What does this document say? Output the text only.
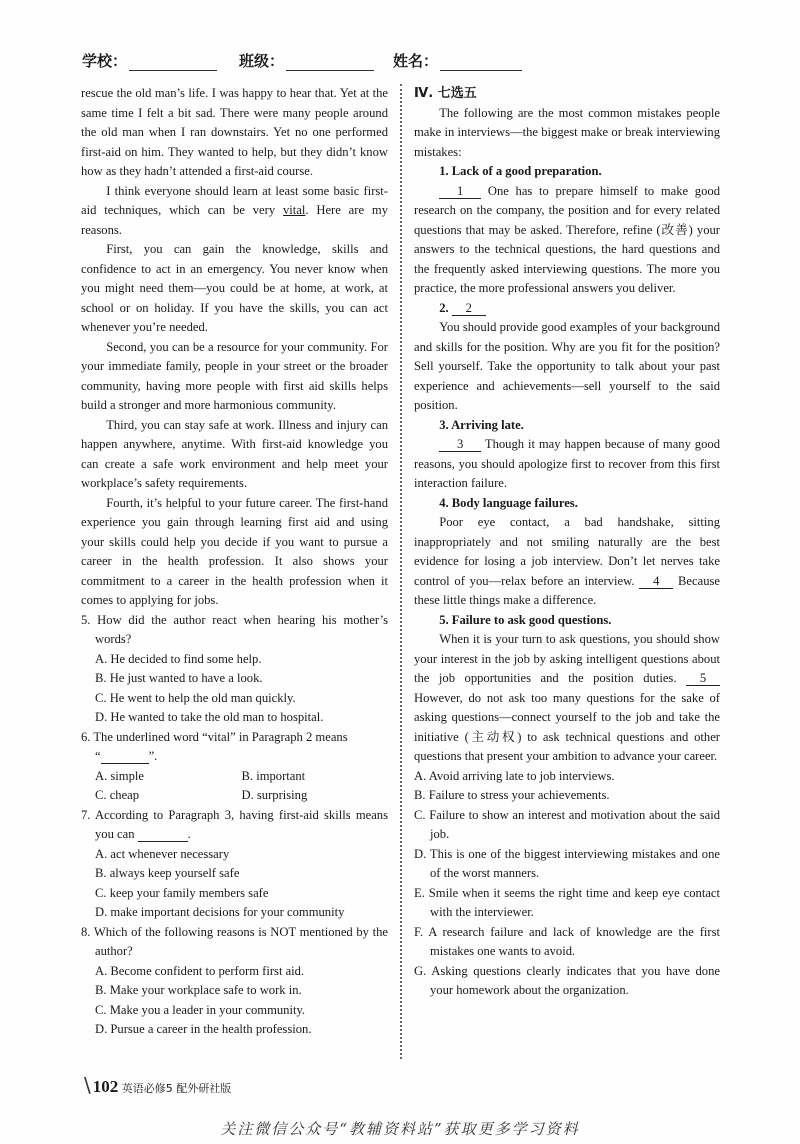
学校：	班级：	姓名：

rescue the old man’s life. I was happy to hear that. Yet at the same time I felt a bit sad. There were many people around the old man when I ran downstairs. Yet no one performed first-aid on him. They wanted to help, but they didn’t know how as they hadn’t attended a first-aid course.

I think everyone should learn at least some basic first-aid techniques, which can be very vital. Here are my reasons.

First, you can gain the knowledge, skills and confidence to act in an emergency. You never know when you might need them—you could be at home, at work, at school or on holiday. If you have the skills, you can act whenever you’re needed.

Second, you can be a resource for your community. For your immediate family, people in your street or the broader community, having more people with first aid skills helps build a stronger and more harmonious community.

Third, you can stay safe at work. Illness and injury can happen anywhere, anytime. With first-aid knowledge you can create a safe work environment and help meet your workplace’s safety requirements.

Fourth, it’s helpful to your future career. The first-hand experience you gain through learning first aid and using your skills could help you decide if you want to pursue a career in the health profession. It also shows your commitment to a career in the health profession when it comes to applying for jobs.

5. How did the author react when hearing his mother’s words?

A. He decided to find some help.

B. He just wanted to have a look.

C. He went to help the old man quickly.

D. He wanted to take the old man to hospital.

6. The underlined word “vital” in Paragraph 2 means
“	”.

A. simple	B. important

C. cheap	D. surprising

7. According to Paragraph 3, having first-aid skills means you can	.

A. act whenever necessary

B. always keep yourself safe

C. keep your family members safe

D. make important decisions for your community

8. Which of the following reasons is NOT mentioned by the author?

A. Become confident to perform first aid.

B. Make your workplace safe to work in.

C. Make you a leader in your community.

D. Pursue a career in the health profession.

Ⅳ. 七选五

The following are the most common mistakes people make in interviews—the biggest make or break interviewing mistakes:

1. Lack of a good preparation.

1 One has to prepare himself to make good research on the company, the position and for every related questions that may be asked. Therefore, refine (改善) your answers to the technical questions, the hard questions and the frequently asked interviewing questions. The more you practice, the more professional answers you deliver.

2. 2

You should provide good examples of your background and skills for the position. Why are you fit for the position? Sell yourself. Take the opportunity to talk about your past experience and achievements—sell yourself to the said position.

3. Arriving late.

3 Though it may happen because of many good reasons, you should apologize first to recover from this first interaction failure.

4. Body language failures.

Poor eye contact, a bad handshake, sitting inappropriately and not smiling naturally are the best evidence for losing a job interview. Don’t let nerves take control of you—relax before an interview. 4 Because these little things make a difference.

5. Failure to ask good questions.

When it is your turn to ask questions, you should show your interest in the job by asking intelligent questions about the job opportunities and the position duties. 5 However, do not ask too many questions for the sake of asking questions—connect yourself to the job and take the initiative (主动权) to ask technical questions and other questions that present your ambition to advance your career.

A. Avoid arriving late to job interviews.

B. Failure to stress your achievements.

C. Failure to show an interest and motivation about the said job.

D. This is one of the biggest interviewing mistakes and one of the worst manners.

E. Smile when it seems the right time and keep eye contact with the interviewer.

F. A research failure and lack of knowledge are the first mistakes one wants to avoid.

G. Asking questions clearly indicates that you have done your homework about the organization.

\ 102 英语必修5 配外研社版
关注微信公众号“教辅资料站”获取更多学习资料
